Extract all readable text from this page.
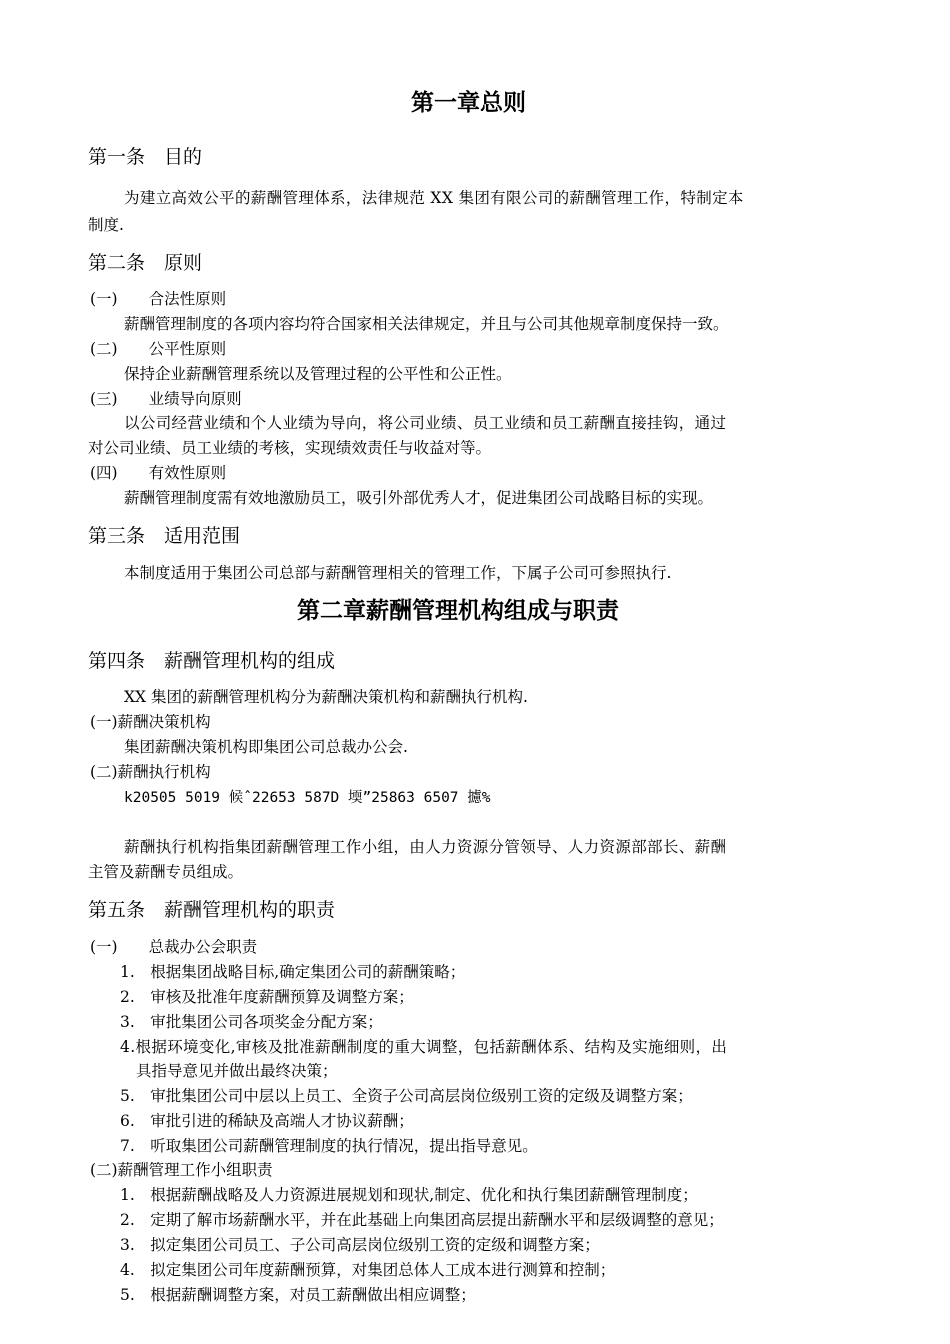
第一章总则
第一条　目的
为建立高效公平的薪酬管理体系，法律规范 XX 集团有限公司的薪酬管理工作，特制定本
制度.
第二条　原则
(一)　　合法性原则
薪酬管理制度的各项内容均符合国家相关法律规定，并且与公司其他规章制度保持一致。
(二)　　公平性原则
保持企业薪酬管理系统以及管理过程的公平性和公正性。
(三)　　业绩导向原则
以公司经营业绩和个人业绩为导向，将公司业绩、员工业绩和员工薪酬直接挂钩，通过
对公司业绩、员工业绩的考核，实现绩效责任与收益对等。
(四)　　有效性原则
薪酬管理制度需有效地激励员工，吸引外部优秀人才，促进集团公司战略目标的实现。
第三条　适用范围
本制度适用于集团公司总部与薪酬管理相关的管理工作，下属子公司可参照执行.
第二章薪酬管理机构组成与职责
第四条　薪酬管理机构的组成
XX 集团的薪酬管理机构分为薪酬决策机构和薪酬执行机构.
(一)薪酬决策机构
集团薪酬决策机构即集团公司总裁办公会.
(二)薪酬执行机构
k20505 5019 候ˆ22653 587D 堧”25863 6507 攄%
薪酬执行机构指集团薪酬管理工作小组，由人力资源分管领导、人力资源部部长、薪酬
主管及薪酬专员组成。
第五条　薪酬管理机构的职责
(一)　　总裁办公会职责
1.　根据集团战略目标,确定集团公司的薪酬策略；
2.　审核及批准年度薪酬预算及调整方案；
3.　审批集团公司各项奖金分配方案；
4.根据环境变化,审核及批准薪酬制度的重大调整，包括薪酬体系、结构及实施细则，出
具指导意见并做出最终决策；
5.　审批集团公司中层以上员工、全资子公司高层岗位级别工资的定级及调整方案；
6.　审批引进的稀缺及高端人才协议薪酬；
7.　听取集团公司薪酬管理制度的执行情况，提出指导意见。
(二)薪酬管理工作小组职责
1.　根据薪酬战略及人力资源进展规划和现状,制定、优化和执行集团薪酬管理制度；
2.　定期了解市场薪酬水平，并在此基础上向集团高层提出薪酬水平和层级调整的意见；
3.　拟定集团公司员工、子公司高层岗位级别工资的定级和调整方案；
4.　拟定集团公司年度薪酬预算，对集团总体人工成本进行测算和控制；
5.　根据薪酬调整方案，对员工薪酬做出相应调整；
